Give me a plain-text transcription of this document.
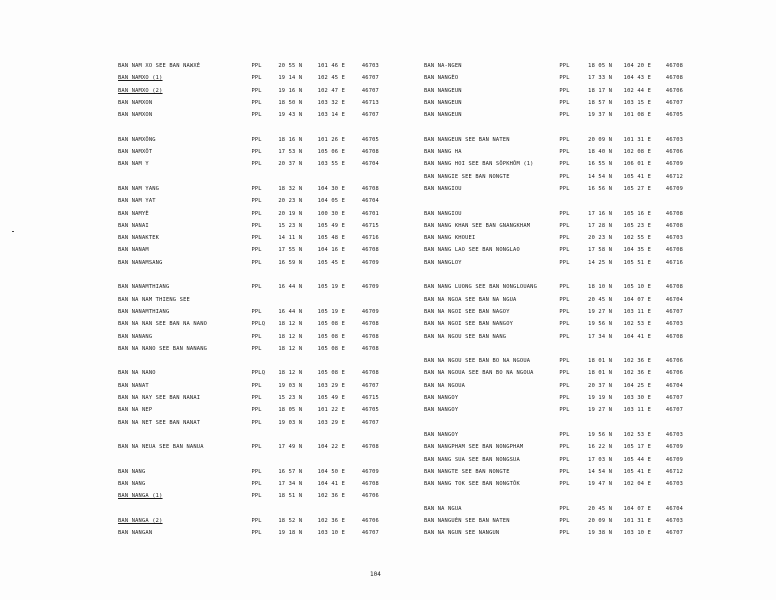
BAN NAM XO SEE BAN NAWXÉ	PPL	20 55 N	101 46 E	46703
BAN NAMXO (1)	PPL	19 14 N	102 45 E	46707
BAN NAMXO (2)	PPL	19 16 N	102 47 E	46707
BAN NAMXON	PPL	18 50 N	103 32 E	46713
BAN NAMXON	PPL	19 43 N	103 14 E	46707
BAN NAMXÔNG	PPL	18 16 N	101 26 E	46705
BAN NAMXÔT	PPL	17 53 N	105 06 E	46708
BAN NAM Y	PPL	20 37 N	103 55 E	46704
BAN NAM YANG	PPL	18 32 N	104 30 E	46708
BAN NAM YAT	PPL	20 23 N	104 05 E	46704
BAN NAMYÈ	PPL	20 19 N	100 30 E	46701
BAN NANAI	PPL	15 23 N	105 49 E	46715
BAN NANAKTEK	PPL	14 11 N	105 48 E	46716
BAN NANAM	PPL	17 55 N	104 16 E	46708
BAN NANAMSANG	PPL	16 59 N	105 45 E	46709
BAN NANAMTHIANG	PPL	16 44 N	105 19 E	46709
BAN NA NAM THIENG SEE
BAN NANAMTHIANG	PPL	16 44 N	105 19 E	46709
BAN NA NAN SEE BAN NA NANO	PPLQ 18 12 N	105 08 E	46708
BAN NANANG	PPL	18 12 N	105 08 E	46708
BAN NA NANO SEE BAN NANANG	PPL	18 12 N	105 08 E	46708
BAN NA NANO	PPLQ 18 12 N	105 08 E	46708
BAN NANAT	PPL	19 03 N	103 29 E	46707
BAN NA NAY SEE BAN NANAI	PPL	15 23 N	105 49 E	46715
BAN NA NEP	PPL	18 05 N	101 22 E	46705
BAN NA NET SEE BAN NANAT	PPL	19 03 N	103 29 E	46707
BAN NA NEUA SEE BAN NANUA	PPL	17 49 N	104 22 E	46708
BAN NANG	PPL	16 57 N	104 50 E	46709
BAN NANG	PPL	17 34 N	104 41 E	46708
BAN NANGA (1)	PPL	18 51 N	102 36 E	46706
BAN NANGA (2)	PPL	18 52 N	102 36 E	46706
BAN NANGAN	PPL	19 18 N	103 10 E	46707
BAN NA-NGEN	PPL	18 05 N 104 20 E	46708
BAN NANGÈO	PPL	17 33 N 104 43 E	46708
BAN NANGEUN	PPL	18 17 N 102 44 E	46706
BAN NANGEUN	PPL	18 57 N 103 15 E	46707
BAN NANGEUN	PPL	19 37 N 101 08 E	46705
BAN NANGEUN SEE BAN NATEN	PPL	20 09 N 101 31 E	46703
BAN NANG HA	PPL	18 40 N 102 08 E	46706
BAN NANG HOI SEE BAN SÔPKHÔM (1)	PPL	16 55 N 106 01 E	46709
BAN NANGIE SEE BAN NONGTE	PPL	14 54 N 105 41 E	46712
BAN NANGIOU	PPL	16 56 N 105 27 E	46709
BAN NANGIOU	PPL	17 16 N 105 16 E	46708
BAN NANG KHAN SEE BAN GNANGKHAM	PPL	17 28 N 105 23 E	46708
BAN NANG KHOUEI	PPL	20 23 N 102 55 E	46703
BAN NANG LAO SEE BAN NONGLAO	PPL	17 58 N 104 35 E	46708
BAN NANGLOY	PPL	14 25 N 105 51 E	46716
BAN NANG LUONG SEE BAN NONGLOUANG	PPL	18 10 N 105 10 E	46708
BAN NA NGOA SEE BAN NA NGUA	PPL	20 45 N 104 07 E	46704
BAN NA NGOI SEE BAN NAGOY	PPL	19 27 N 103 11 E	46707
BAN NA NGOI SEE BAN NANGOY	PPL	19 56 N 102 53 E	46703
BAN NA NGOU SEE BAN NANG	PPL	17 34 N 104 41 E	46708
BAN NA NGOU SEE BAN BO NA NGOUA	PPL	18 01 N 102 36 E	46706
BAN NA NGOUA SEE BAN BO NA NGOUA	PPL	18 01 N 102 36 E	46706
BAN NA NGOUA	PPL	20 37 N 104 25 E	46704
BAN NANGOY	PPL	19 19 N 103 30 E	46707
BAN NANGOY	PPL	19 27 N 103 11 E	46707
BAN NANGOY	PPL	19 56 N 102 53 E	46703
BAN NANGPHAM SEE BAN NONGPHAM	PPL	16 22 N 105 17 E	46709
BAN NANG SUA SEE BAN NONGSUA	PPL	17 03 N 105 44 E	46709
BAN NANGTE SEE BAN NONGTE	PPL	14 54 N 105 41 E	46712
BAN NANG TOK SEE BAN NONGTÔK	PPL	19 47 N 102 04 E	46703
BAN NA NGUA	PPL	20 45 N 104 07 E	46704
BAN NANGUÈN SEE BAN NATEN	PPL	20 09 N 101 31 E	46703
BAN NA NGUN SEE NANGUN	PPL	19 38 N 103 10 E	46707
104
